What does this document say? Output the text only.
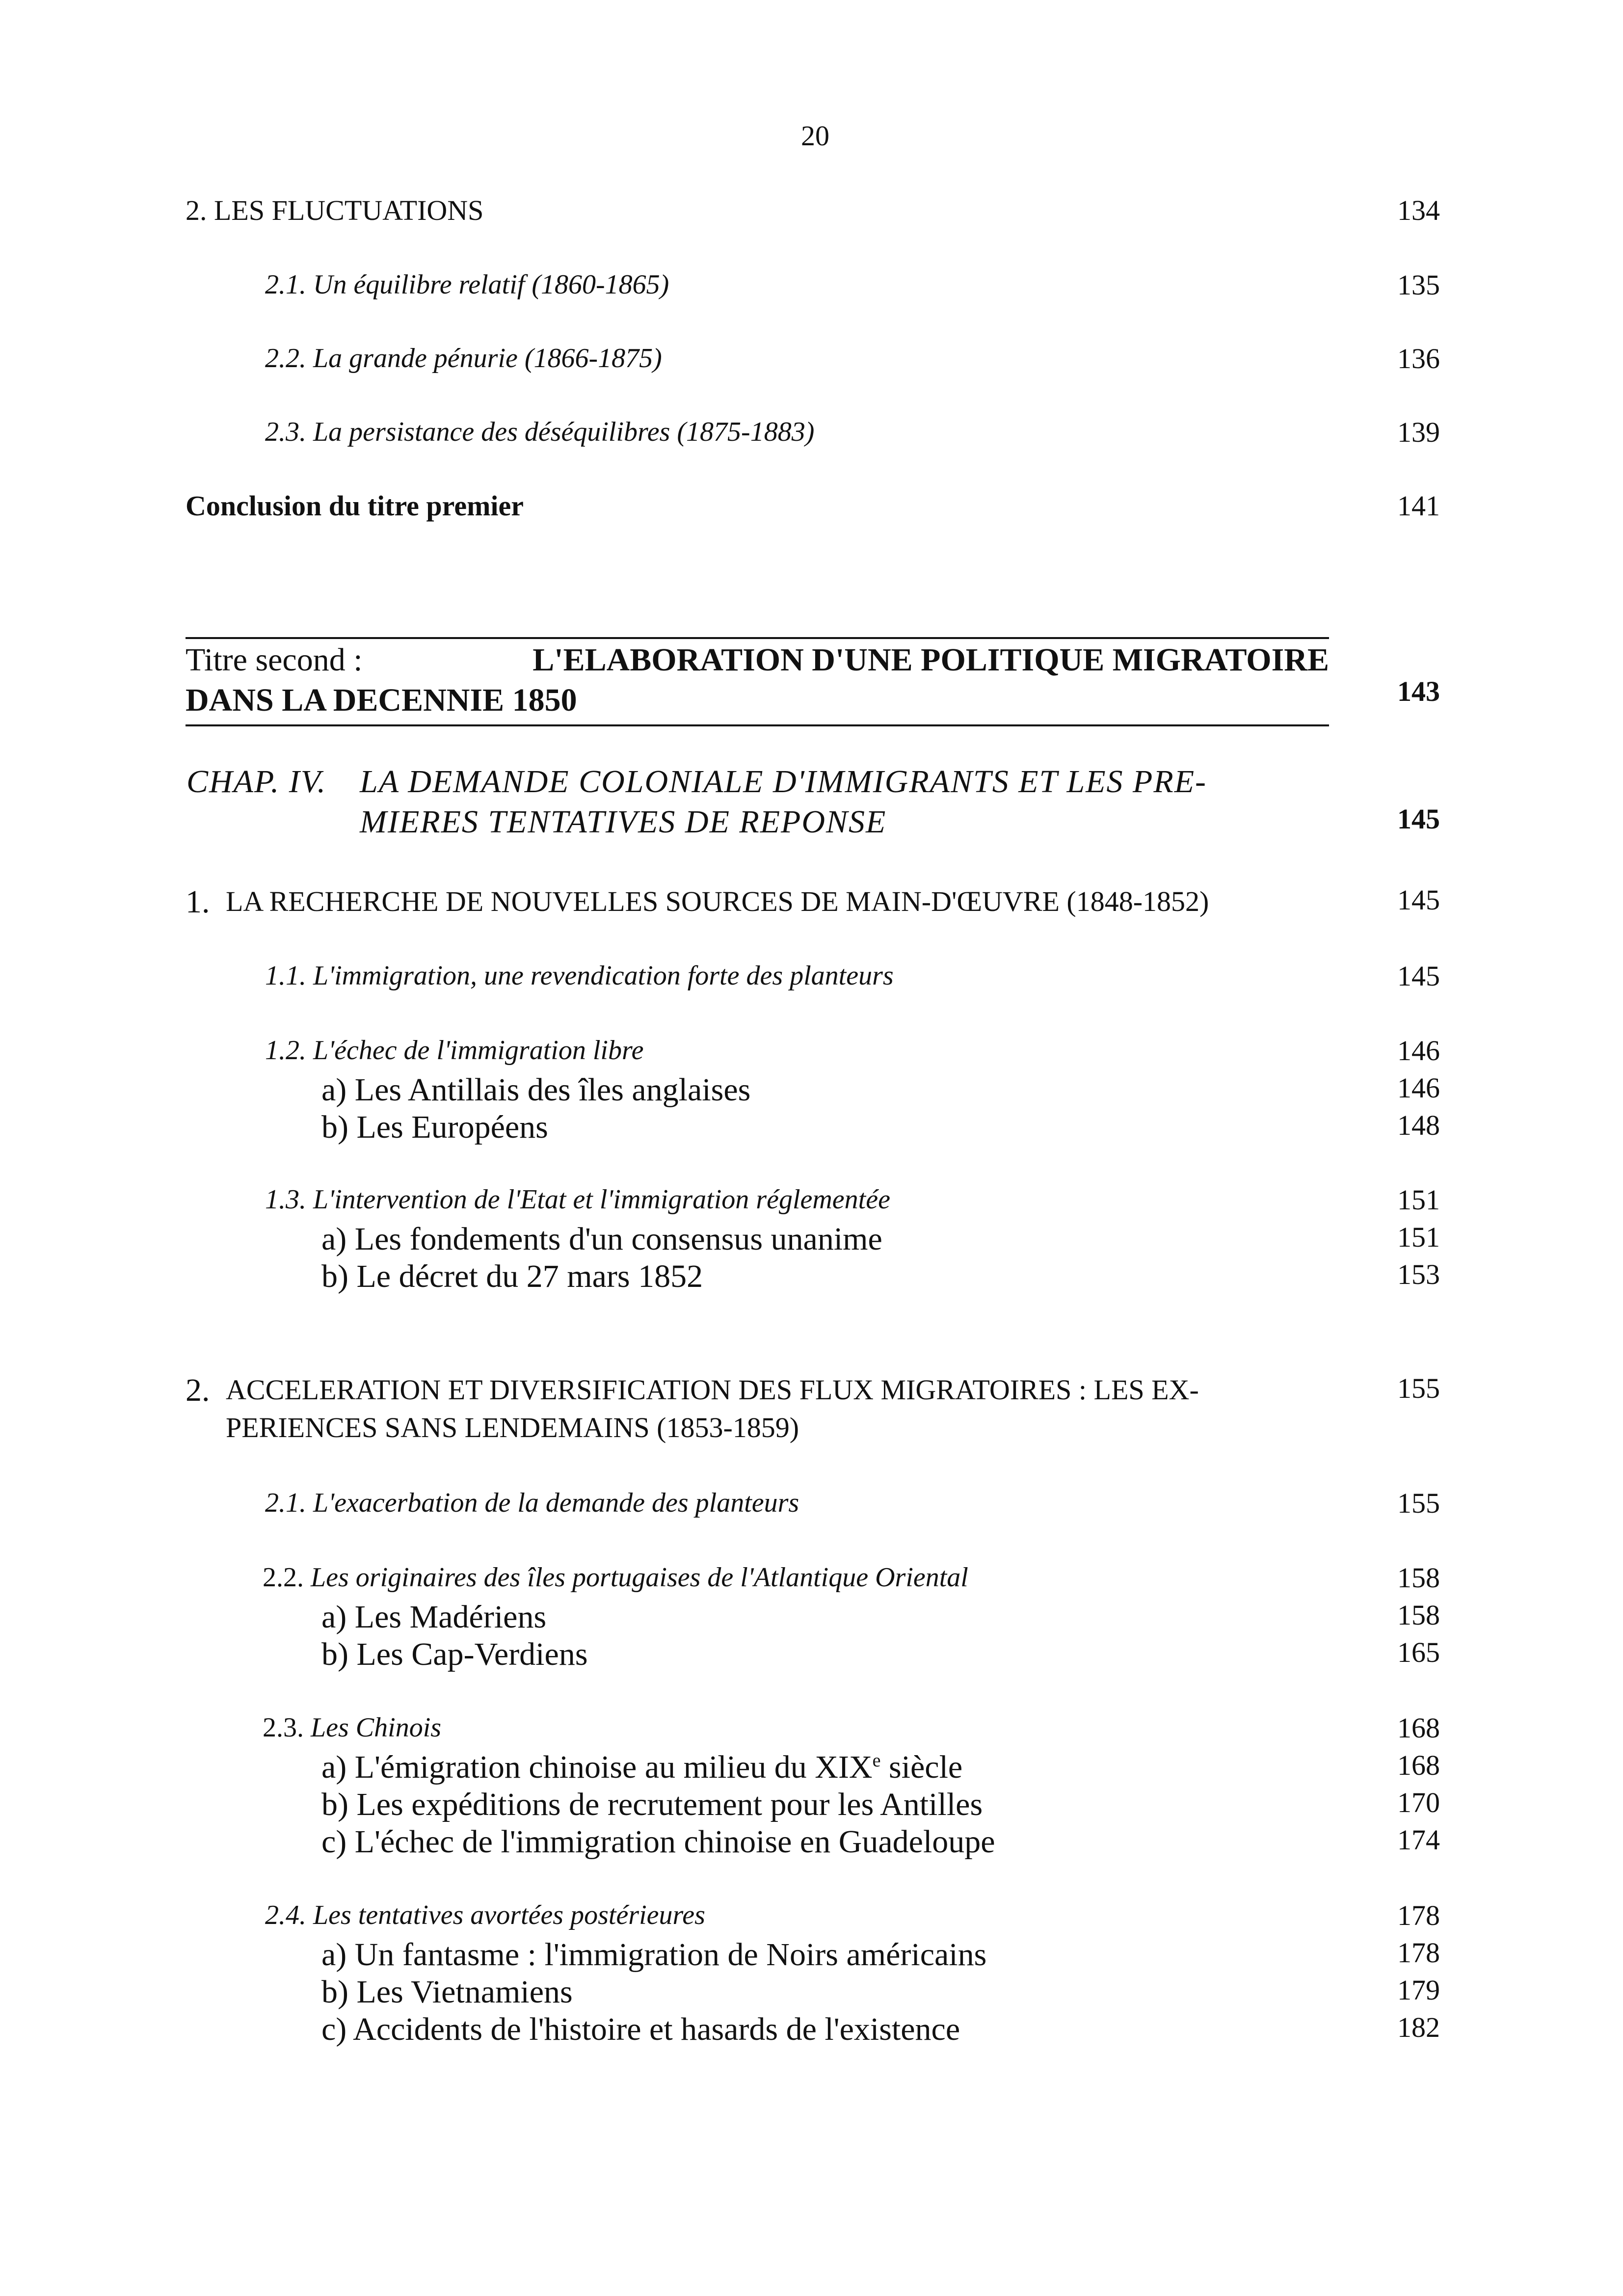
20
2. LES FLUCTUATIONS	134
2.1. Un équilibre relatif (1860-1865)	135
2.2. La grande pénurie (1866-1875)	136
2.3. La persistance des déséquilibres (1875-1883)	139
Conclusion du titre premier	141
Titre second :	L'ELABORATION D'UNE POLITIQUE MIGRATOIRE
DANS LA DECENNIE 1850	143
CHAP. IV. LA DEMANDE COLONIALE D'IMMIGRANTS ET LES PRE-
MIERES TENTATIVES DE REPONSE	145
1. LA RECHERCHE DE NOUVELLES SOURCES DE MAIN-D'ŒUVRE (1848-1852)	145
1.1. L'immigration, une revendication forte des planteurs	145
1.2. L'échec de l'immigration libre	146
a) Les Antillais des îles anglaises	146
b) Les Européens	148
1.3. L'intervention de l'Etat et l'immigration réglementée	151
a) Les fondements d'un consensus unanime	151
b) Le décret du 27 mars 1852	153
2. ACCELERATION ET DIVERSIFICATION DES FLUX MIGRATOIRES : LES EX-
PERIENCES SANS LENDEMAINS (1853-1859)
155
2.1. L'exacerbation de la demande des planteurs	155
2.2. Les originaires des îles portugaises de l'Atlantique Oriental	158
a) Les Madériens	158
b) Les Cap-Verdiens	165
2.3. Les Chinois	168
a) L'émigration chinoise au milieu du XIXe siècle	168
b) Les expéditions de recrutement pour les Antilles	170
c) L'échec de l'immigration chinoise en Guadeloupe	174
2.4. Les tentatives avortées postérieures	178
a) Un fantasme : l'immigration de Noirs américains	178
b) Les Vietnamiens	179
c) Accidents de l'histoire et hasards de l'existence	182
